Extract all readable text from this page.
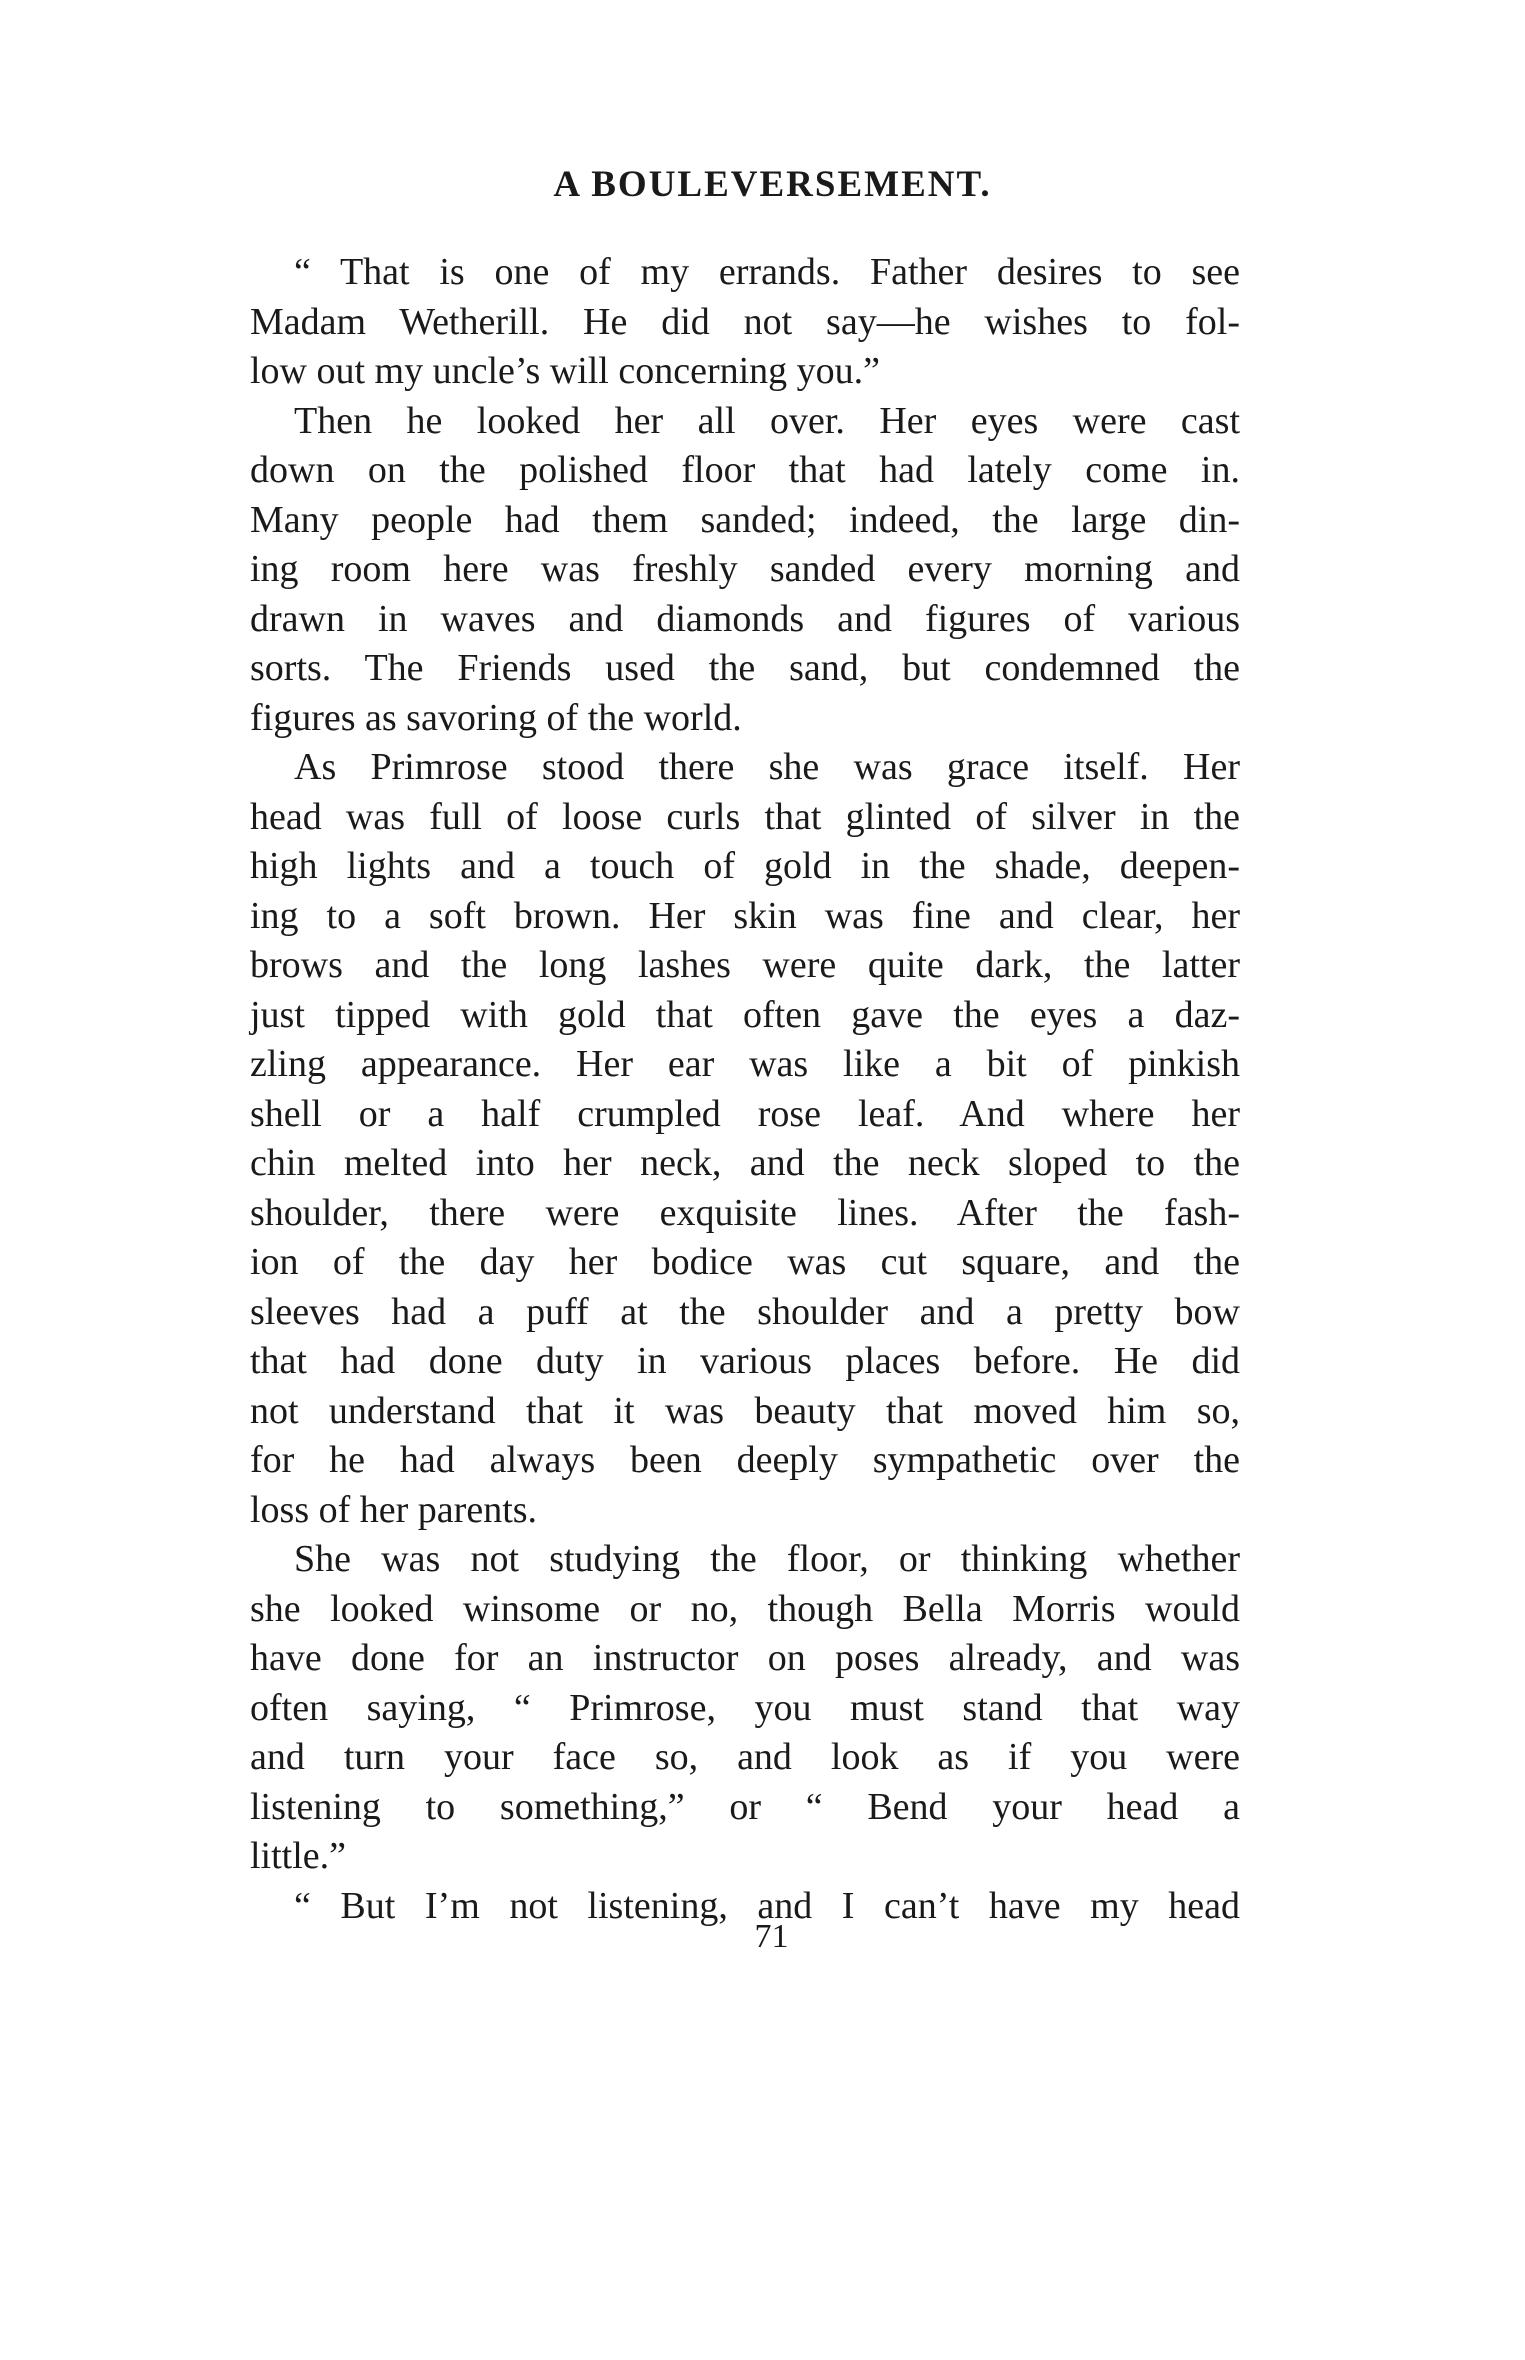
A BOULEVERSEMENT.
“ That is one of my errands. Father desires to see
Madam Wetherill. He did not say—he wishes to fol-
low out my uncle’s will concerning you.”
Then he looked her all over. Her eyes were cast
down on the polished floor that had lately come in.
Many people had them sanded; indeed, the large din-
ing room here was freshly sanded every morning and
drawn in waves and diamonds and figures of various
sorts. The Friends used the sand, but condemned the
figures as savoring of the world.
As Primrose stood there she was grace itself. Her
head was full of loose curls that glinted of silver in the
high lights and a touch of gold in the shade, deepen-
ing to a soft brown. Her skin was fine and clear, her
brows and the long lashes were quite dark, the latter
just tipped with gold that often gave the eyes a daz-
zling appearance. Her ear was like a bit of pinkish
shell or a half crumpled rose leaf. And where her
chin melted into her neck, and the neck sloped to the
shoulder, there were exquisite lines. After the fash-
ion of the day her bodice was cut square, and the
sleeves had a puff at the shoulder and a pretty bow
that had done duty in various places before. He did
not understand that it was beauty that moved him so,
for he had always been deeply sympathetic over the
loss of her parents.
She was not studying the floor, or thinking whether
she looked winsome or no, though Bella Morris would
have done for an instructor on poses already, and was
often saying, “ Primrose, you must stand that way
and turn your face so, and look as if you were
listening to something,” or “ Bend your head a
little.”
“ But I’m not listening, and I can’t have my head
71
